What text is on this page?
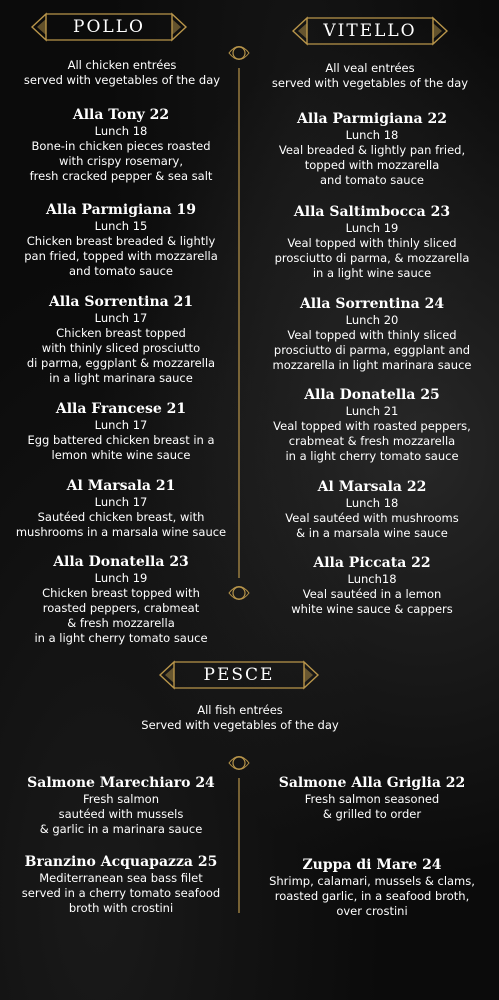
POLLO	VITELLO
All chicken entrées
served with vegetables of the day
All veal entrées
served with vegetables of the day
Alla Tony 22
Lunch 18
Bone-in chicken pieces roasted
with crispy rosemary,
fresh cracked pepper & sea salt
Alla Parmigiana 19
Lunch 15
Chicken breast breaded & lightly
pan fried, topped with mozzarella
and tomato sauce
Alla Sorrentina 21
Lunch 17
Chicken breast topped
with thinly sliced prosciutto
di parma, eggplant & mozzarella
in a light marinara sauce
Alla Francese 21
Lunch 17
Egg battered chicken breast in a
lemon white wine sauce
Al Marsala 21
Lunch 17
Sautéed chicken breast, with
mushrooms in a marsala wine sauce
Alla Donatella 23
Lunch 19
Chicken breast topped with
roasted peppers, crabmeat
& fresh mozzarella
in a light cherry tomato sauce
Alla Parmigiana 22
Lunch 18
Veal breaded & lightly pan fried,
topped with mozzarella
and tomato sauce
Alla Saltimbocca 23
Lunch 19
Veal topped with thinly sliced
prosciutto di parma, & mozzarella
in a light wine sauce
Alla Sorrentina 24
Lunch 20
Veal topped with thinly sliced
prosciutto di parma, eggplant and
mozzarella in light marinara sauce
Alla Donatella 25
Lunch 21
Veal topped with roasted peppers,
crabmeat & fresh mozzarella
in a light cherry tomato sauce
Al Marsala 22
Lunch 18
Veal sautéed with mushrooms
& in a marsala wine sauce
Alla Piccata 22
Lunch18
Veal sautéed in a lemon
white wine sauce & cappers
PESCE
All fish entrées
Served with vegetables of the day
Salmone Marechiaro 24
Fresh salmon
sautéed with mussels
& garlic in a marinara sauce
Salmone Alla Griglia 22
Fresh salmon seasoned
& grilled to order
Branzino Acquapazza 25
Mediterranean sea bass filet
served in a cherry tomato seafood
broth with crostini
Zuppa di Mare 24
Shrimp, calamari, mussels & clams,
roasted garlic, in a seafood broth,
over crostini
